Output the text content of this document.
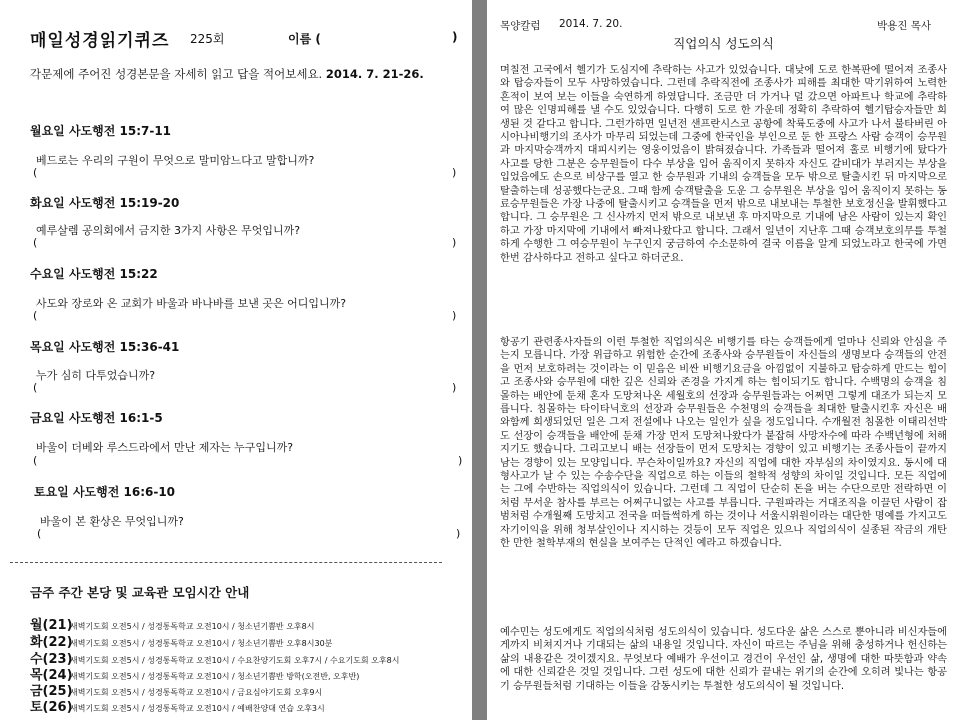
매일성경읽기퀴즈 225회	이름 (	)
각문제에 주어진 성경본문을 자세히 읽고 답을 적어보세요. 2014. 7. 21-26.
월요일 사도행전 15:7-11
베드로는 우리의 구원이 무엇으로 말미암느다고 말합니까?
(	)
화요일 사도행전 15:19-20
예루살렘 공의회에서 금지한 3가지 사항은 무엇입니까?
(	)
수요일 사도행전 15:22
사도와 장로와 온 교회가 바울과 바나바를 보낸 곳은 어디입니까?
(	)
목요일 사도행전 15:36-41
누가 심히 다투었습니까?
(	)
금요일 사도행전 16:1-5
바울이 더베와 루스드라에서 만난 제자는 누구입니까?
(	)
토요일 사도행전 16:6-10
바울이 본 환상은 무엇입니까?
(	)
금주 주간 본당 및 교육관 모임시간 안내
월(21)새벽기도회 오전5시 / 성경통독학교 오전10시 / 청소년기쁨반 오후8시
화(22)새벽기도회 오전5시 / 성경통독학교 오전10시 / 청소년기쁨반 오후8시30분
수(23)새벽기도회 오전5시 / 성경통독학교 오전10시 / 수요찬양기도회 오후7시 / 수요기도회 오후8시
목(24)새벽기도회 오전5시 / 성경통독학교 오전10시 / 청소년기쁨반 방학(오전반, 오후반)
금(25)새벽기도회 오전5시 / 성경통독학교 오전10시 / 금요심야기도회 오후9시
토(26)새벽기도회 오전5시 / 성경통독학교 오전10시 / 예배찬양대 연습 오후3시
목양칼럼 2014. 7. 20.	박용진 목사
직업의식 성도의식
며칠전 고국에서 헬기가 도심지에 추락하는 사고가 있었습니다. 대낮에 도로 한복판에 떨어져 조종사와 탑승자들이 모두 사망하였습니다. 그런데 추락직전에 조종사가 피해를 최대한 막기위하여 노력한 흔적이 보여 보는 이들을 숙연하게 하였답니다. 조금만 더 가거나 덜 갔으면 아파트나 학교에 추락하여 많은 인명피해를 낼 수도 있었습니다. 다행히 도로 한 가운데 정확히 추락하여 헬기탑승자들만 희생된 것 같다고 합니다. 그런가하면 일년전 샌프란시스코 공항에 착륙도중에 사고가 나서 불타버린 아시아나비행기의 조사가 마무리 되었는데 그중에 한국인을 부인으로 둔 한 프랑스 사람 승객이 승무원과 마지막승객까지 대피시키는 영웅이었음이 밝혀졌습니다. 가족들과 떨어져 홀로 비행기에 탔다가 사고를 당한 그분은 승무원들이 다수 부상을 입어 움직이지 못하자 자신도 갈비대가 부러지는 부상을 입었음에도 손으로 비상구를 열고 한 승무원과 기내의 승객들을 모두 밖으로 탈출시킨 뒤 마지막으로 탈출하는데 성공했다는군요. 그때 함께 승객탈출을 도운 그 승무원은 부상을 입어 움직이지 못하는 동료승무원들은 가장 나중에 탈출시키고 승객들을 먼저 밖으로 내보내는 투철한 보호정신을 발휘했다고 합니다. 그 승무원은 그 신사까지 먼저 밖으로 내보낸 후 마지막으로 기내에 남은 사람이 있는지 확인하고 가장 마지막에 기내에서 빠져나왔다고 합니다. 그래서 일년이 지난후 그때 승객보호의무를 투철하게 수행한 그 여승무원이 누구인지 궁금하여 수소문하여 결국 이름을 알게 되었노라고 한국에 가면 한번 감사하다고 전하고 싶다고 하더군요.
항공기 관련종사자들의 이런 투철한 직업의식은 비행기를 타는 승객들에게 얼마나 신뢰와 안심을 주는지 모릅니다. 가장 위급하고 위험한 순간에 조종사와 승무원들이 자신들의 생명보다 승객들의 안전을 먼저 보호하려는 것이라는 이 믿음은 비싼 비행기요금을 아낌없이 지불하고 탑승하게 만드는 힘이고 조종사와 승무원에 대한 깊은 신뢰와 존경을 가지게 하는 힘이되기도 합니다. 수백명의 승객을 침몰하는 배안에 둔채 혼자 도망쳐나온 세월호의 선장과 승무원들과는 어쩌면 그렇게 대조가 되는지 모릅니다. 침몰하는 타이타닉호의 선장과 승무원들은 수천명의 승객들을 최대한 탈출시킨후 자신은 배와함께 희생되었던 일은 그저 전설에나 나오는 일인가 싶을 정도입니다. 수개월전 침몰한 이태리선박도 선장이 승객들을 배안에 둔채 가장 먼저 도망쳐나왔다가 붙잡혀 사망자수에 따라 수백년형에 처해지기도 했습니다. 그리고보니 배는 선장들이 먼저 도망치는 경향이 있고 비행기는 조종사들이 끝까지 남는 경향이 있는 모양입니다. 무슨차이일까요? 자신의 직업에 대한 자부심의 차이였지요. 동시에 대형사고가 날 수 있는 수송수단을 직업으로 하는 이들의 철학적 성향의 차이일 것입니다. 모든 직업에는 그에 수반하는 직업의식이 있습니다. 그런데 그 직업이 단순히 돈을 버는 수단으로만 전락하면 이처럼 무서운 참사를 부르는 어쩌구니없는 사고를 부릅니다. 구원파라는 거대조직을 이끌던 사람이 잡범처럼 수개월째 도망치고 전국을 떠들썩하게 하는 것이나 서울시위원이라는 대단한 명예를 가지고도 자기이익을 위해 청부살인이나 지시하는 것등이 모두 직업은 있으나 직업의식이 실종된 작금의 개탄한 만한 철학부재의 현실을 보여주는 단적인 예라고 하겠습니다.
예수민는 성도에게도 직업의식처럼 성도의식이 있습니다. 성도다운 삶은 스스로 뿐아니라 비신자들에게까지 비쳐지거나 기대되는 삶의 내용일 것입니다. 자신이 따르는 주님을 위해 충성하거나 헌신하는 삶의 내용같은 것이겠지요. 무엇보다 예배가 우선이고 경건이 우선인 삶, 생명에 대한 따뜻함과 약속에 대한 신뢰같은 것일 것입니다. 그런 성도에 대한 신뢰가 끝내는 위기의 순간에 오히려 빛나는 항공기 승무원들처럼 기대하는 이들을 감동시키는 투철한 성도의식이 될 것입니다.
